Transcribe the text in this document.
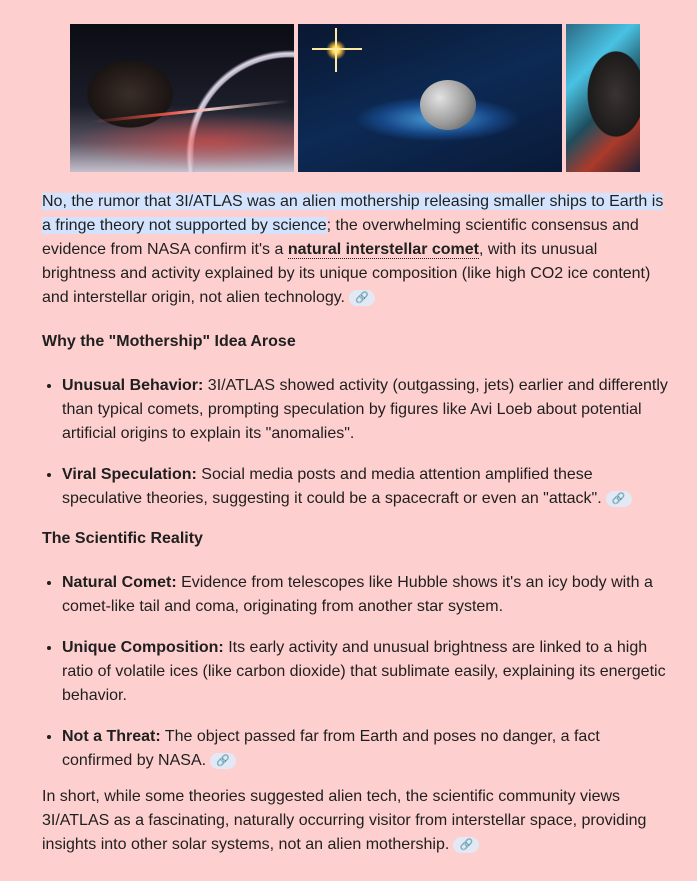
No, the rumor that 3I/ATLAS was an alien mothership releasing smaller ships to Earth is a fringe theory not supported by science; the overwhelming scientific consensus and evidence from NASA confirm it's a natural interstellar comet, with its unusual brightness and activity explained by its unique composition (like high CO2 ice content) and interstellar origin, not alien technology. 🔗

Why the "Mothership" Idea Arose
• Unusual Behavior: 3I/ATLAS showed activity (outgassing, jets) earlier and differently than typical comets, prompting speculation by figures like Avi Loeb about potential artificial origins to explain its "anomalies".
• Viral Speculation: Social media posts and media attention amplified these speculative theories, suggesting it could be a spacecraft or even an "attack". 🔗
The Scientific Reality
• Natural Comet: Evidence from telescopes like Hubble shows it's an icy body with a comet-like tail and coma, originating from another star system.
• Unique Composition: Its early activity and unusual brightness are linked to a high ratio of volatile ices (like carbon dioxide) that sublimate easily, explaining its energetic behavior.
• Not a Threat: The object passed far from Earth and poses no danger, a fact confirmed by NASA. 🔗

In short, while some theories suggested alien tech, the scientific community views 3I/ATLAS as a fascinating, naturally occurring visitor from interstellar space, providing insights into other solar systems, not an alien mothership. 🔗
